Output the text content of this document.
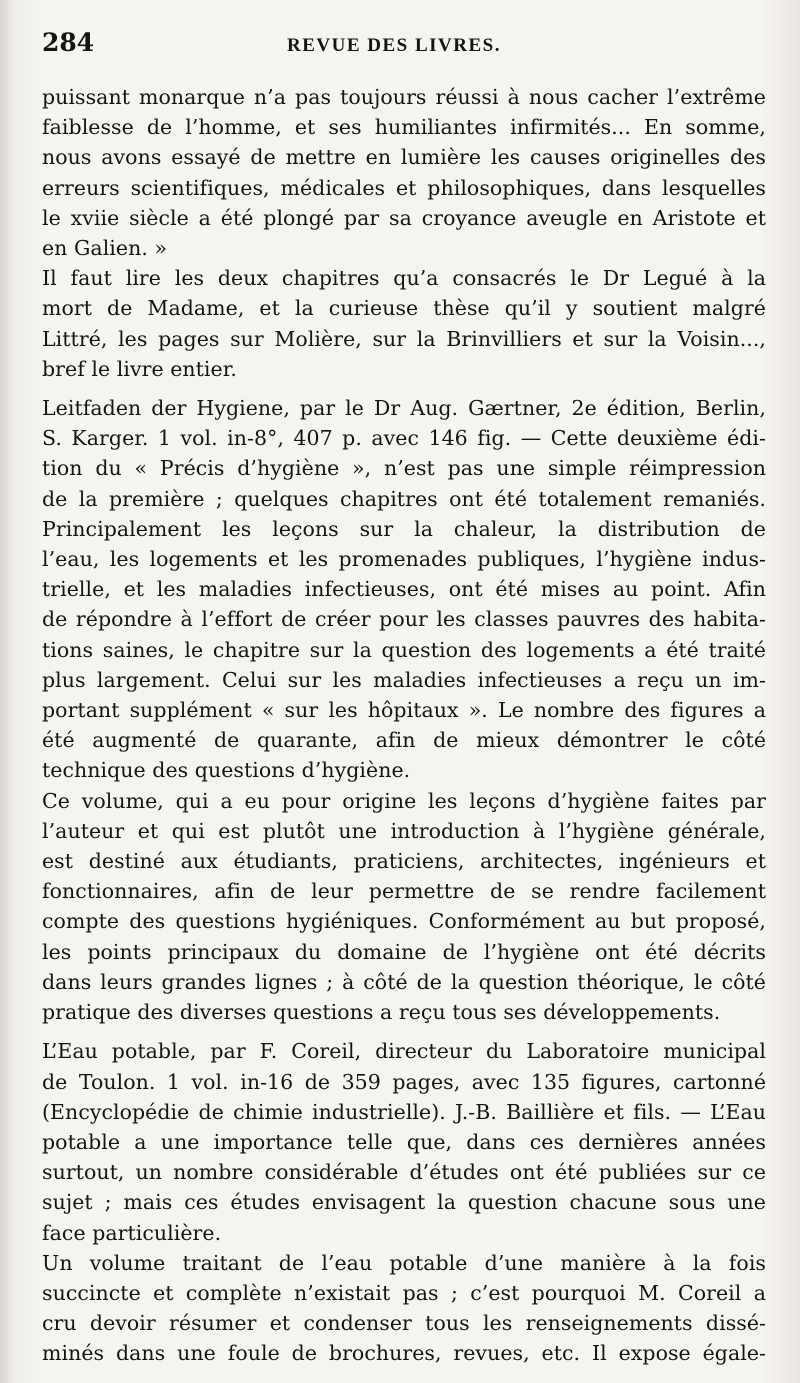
284	REVUE DES LIVRES.
puissant monarque n’a pas toujours réussi à nous cacher l’extrême
faiblesse de l’homme, et ses humiliantes infirmités... En somme,
nous avons essayé de mettre en lumière les causes originelles des
erreurs scientifiques, médicales et philosophiques, dans lesquelles
le xviie siècle a été plongé par sa croyance aveugle en Aristote et
en Galien. »
Il faut lire les deux chapitres qu’a consacrés le Dr Legué à la
mort de Madame, et la curieuse thèse qu’il y soutient malgré
Littré, les pages sur Molière, sur la Brinvilliers et sur la Voisin...,
bref le livre entier.
Leitfaden der Hygiene, par le Dr Aug. Gærtner, 2e édition, Berlin,
S. Karger. 1 vol. in-8°, 407 p. avec 146 fig. — Cette deuxième édi-
tion du « Précis d’hygiène », n’est pas une simple réimpression
de la première ; quelques chapitres ont été totalement remaniés.
Principalement les leçons sur la chaleur, la distribution de
l’eau, les logements et les promenades publiques, l’hygiène indus-
trielle, et les maladies infectieuses, ont été mises au point. Afin
de répondre à l’effort de créer pour les classes pauvres des habita-
tions saines, le chapitre sur la question des logements a été traité
plus largement. Celui sur les maladies infectieuses a reçu un im-
portant supplément « sur les hôpitaux ». Le nombre des figures a
été augmenté de quarante, afin de mieux démontrer le côté
technique des questions d’hygiène.
Ce volume, qui a eu pour origine les leçons d’hygiène faites par
l’auteur et qui est plutôt une introduction à l’hygiène générale,
est destiné aux étudiants, praticiens, architectes, ingénieurs et
fonctionnaires, afin de leur permettre de se rendre facilement
compte des questions hygiéniques. Conformément au but proposé,
les points principaux du domaine de l’hygiène ont été décrits
dans leurs grandes lignes ; à côté de la question théorique, le côté
pratique des diverses questions a reçu tous ses développements.
L’Eau potable, par F. Coreil, directeur du Laboratoire municipal
de Toulon. 1 vol. in-16 de 359 pages, avec 135 figures, cartonné
(Encyclopédie de chimie industrielle). J.-B. Baillière et fils. — L’Eau
potable a une importance telle que, dans ces dernières années
surtout, un nombre considérable d’études ont été publiées sur ce
sujet ; mais ces études envisagent la question chacune sous une
face particulière.
Un volume traitant de l’eau potable d’une manière à la fois
succincte et complète n’existait pas ; c’est pourquoi M. Coreil a
cru devoir résumer et condenser tous les renseignements dissé-
minés dans une foule de brochures, revues, etc. Il expose égale-
